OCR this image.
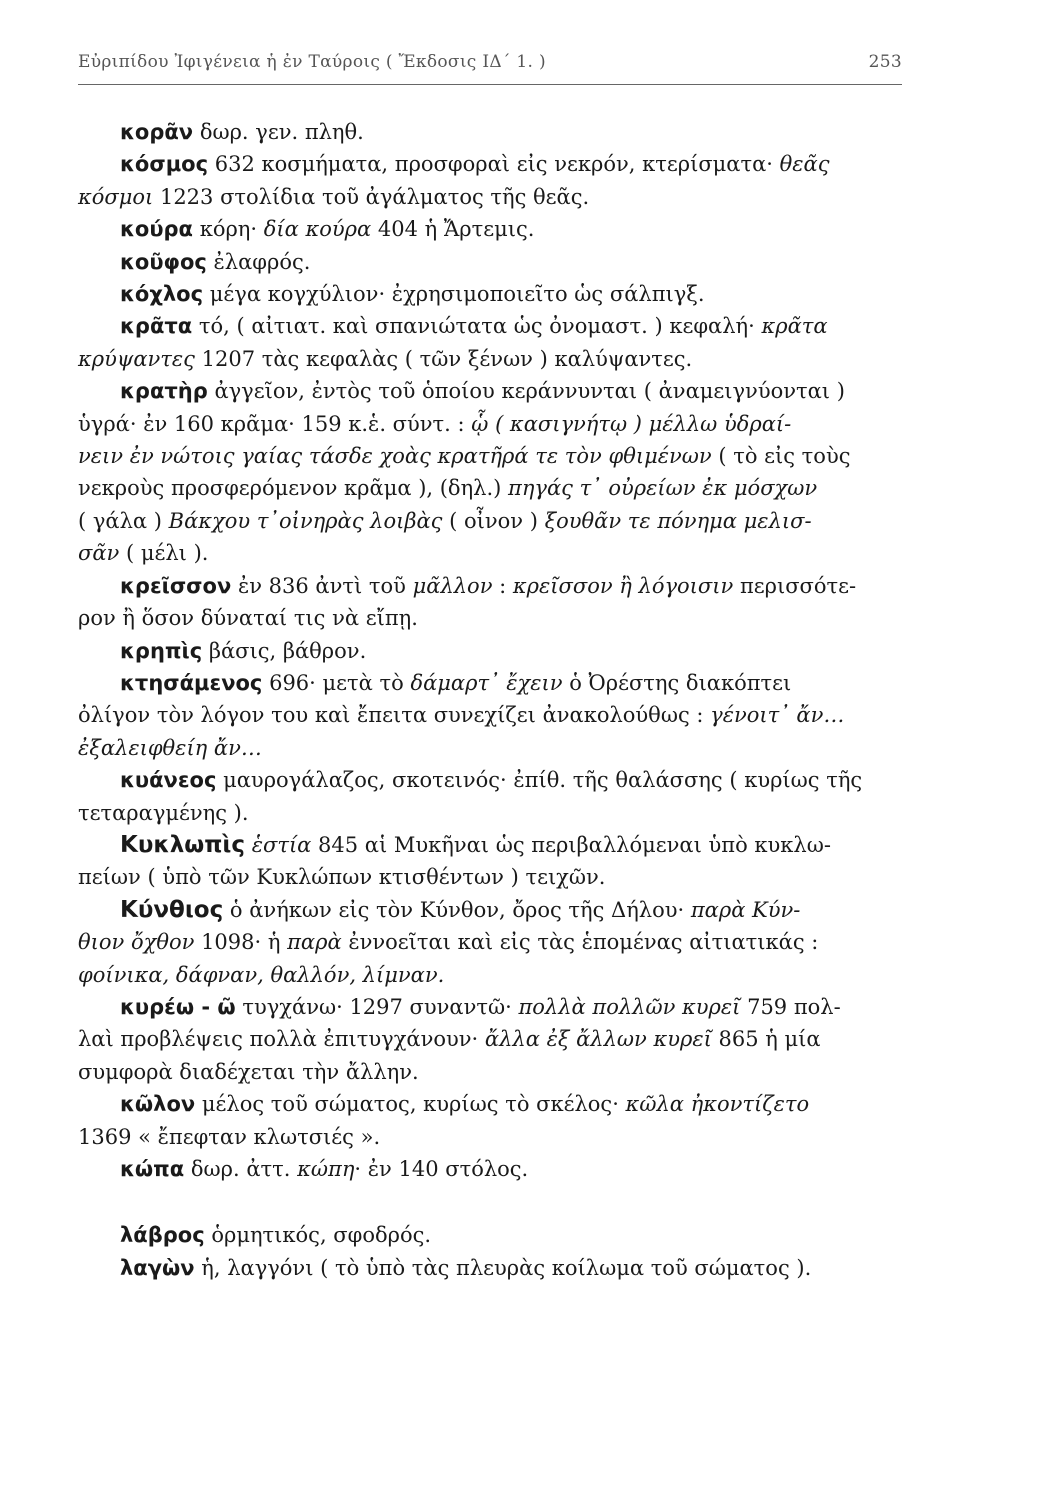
Εὐριπίδου Ἰφιγένεια ἡ ἐν Ταύροις ( Ἔκδοσις ΙΔ΄ 1. )	253

κορᾶν δωρ. γεν. πληθ.

κόσμος 632 κοσμήματα, προσφοραὶ εἰς νεκρόν, κτερίσματα· θεᾶς
κόσμοι 1223 στολίδια τοῦ ἀγάλματος τῆς θεᾶς.

κούρα κόρη· δία κούρα 404 ἡ Ἄρτεμις.

κοῦφος ἐλαφρός.

κόχλος μέγα κογχύλιον· ἐχρησιμοποιεῖτο ὡς σάλπιγξ.

κρᾶτα τό, ( αἰτιατ. καὶ σπανιώτατα ὡς ὀνομαστ. ) κεφαλή· κρᾶτα
κρύψαντες 1207 τὰς κεφαλὰς ( τῶν ξένων ) καλύψαντες.

κρατὴρ ἀγγεῖον, ἐντὸς τοῦ ὁποίου κεράννυνται ( ἀναμειγνύονται )
ὑγρά· ἐν 160 κρᾶμα· 159 κ.ἑ. σύντ. : ᾧ ( κασιγνήτῳ ) μέλλω ὑδραί-
νειν ἐν νώτοις γαίας τάσδε χοὰς κρατῆρά τε τὸν φθιμένων ( τὸ εἰς τοὺς
νεκροὺς προσφερόμενον κρᾶμα ), (δηλ.) πηγάς τ᾽ οὐρείων ἐκ μόσχων
( γάλα ) Βάκχου τ᾽οἰνηρὰς λοιβὰς ( οἶνον ) ξουθᾶν τε πόνημα μελισ-
σᾶν ( μέλι ).

κρεῖσσον ἐν 836 ἀντὶ τοῦ μᾶλλον : κρεῖσσον ἢ λόγοισιν περισσότε-
ρον ἢ ὅσον δύναταί τις νὰ εἴπῃ.

κρηπὶς βάσις, βάθρον.

κτησάμενος 696· μετὰ τὸ δάμαρτ᾽ ἔχειν ὁ Ὀρέστης διακόπτει
ὀλίγον τὸν λόγον του καὶ ἔπειτα συνεχίζει ἀνακολούθως : γένοιτ᾽ ἄν…
ἐξαλειφθείη ἄν…

κυάνεος μαυρογάλαζος, σκοτεινός· ἐπίθ. τῆς θαλάσσης ( κυρίως τῆς
τεταραγμένης ).

Κυκλωπὶς ἑστία 845 αἱ Μυκῆναι ὡς περιβαλλόμεναι ὑπὸ κυκλω-
πείων ( ὑπὸ τῶν Κυκλώπων κτισθέντων ) τειχῶν.

Κύνθιος ὁ ἀνήκων εἰς τὸν Κύνθον, ὄρος τῆς Δήλου· παρὰ Κύν-
θιον ὄχθον 1098· ἡ παρὰ ἐννοεῖται καὶ εἰς τὰς ἑπομένας αἰτιατικάς :
φοίνικα, δάφναν, θαλλόν, λίμναν.

κυρέω - ῶ τυγχάνω· 1297 συναντῶ· πολλὰ πολλῶν κυρεῖ 759 πολ-
λαὶ προβλέψεις πολλὰ ἐπιτυγχάνουν· ἄλλα ἐξ ἄλλων κυρεῖ 865 ἡ μία
συμφορὰ διαδέχεται τὴν ἄλλην.

κῶλον μέλος τοῦ σώματος, κυρίως τὸ σκέλος· κῶλα ἠκοντίζετο
1369 « ἔπεφταν κλωτσιές ».

κώπα δωρ. ἀττ. κώπη· ἐν 140 στόλος.

λάβρος ὁρμητικός, σφοδρός.

λαγὼν ἡ, λαγγόνι ( τὸ ὑπὸ τὰς πλευρὰς κοίλωμα τοῦ σώματος ).
